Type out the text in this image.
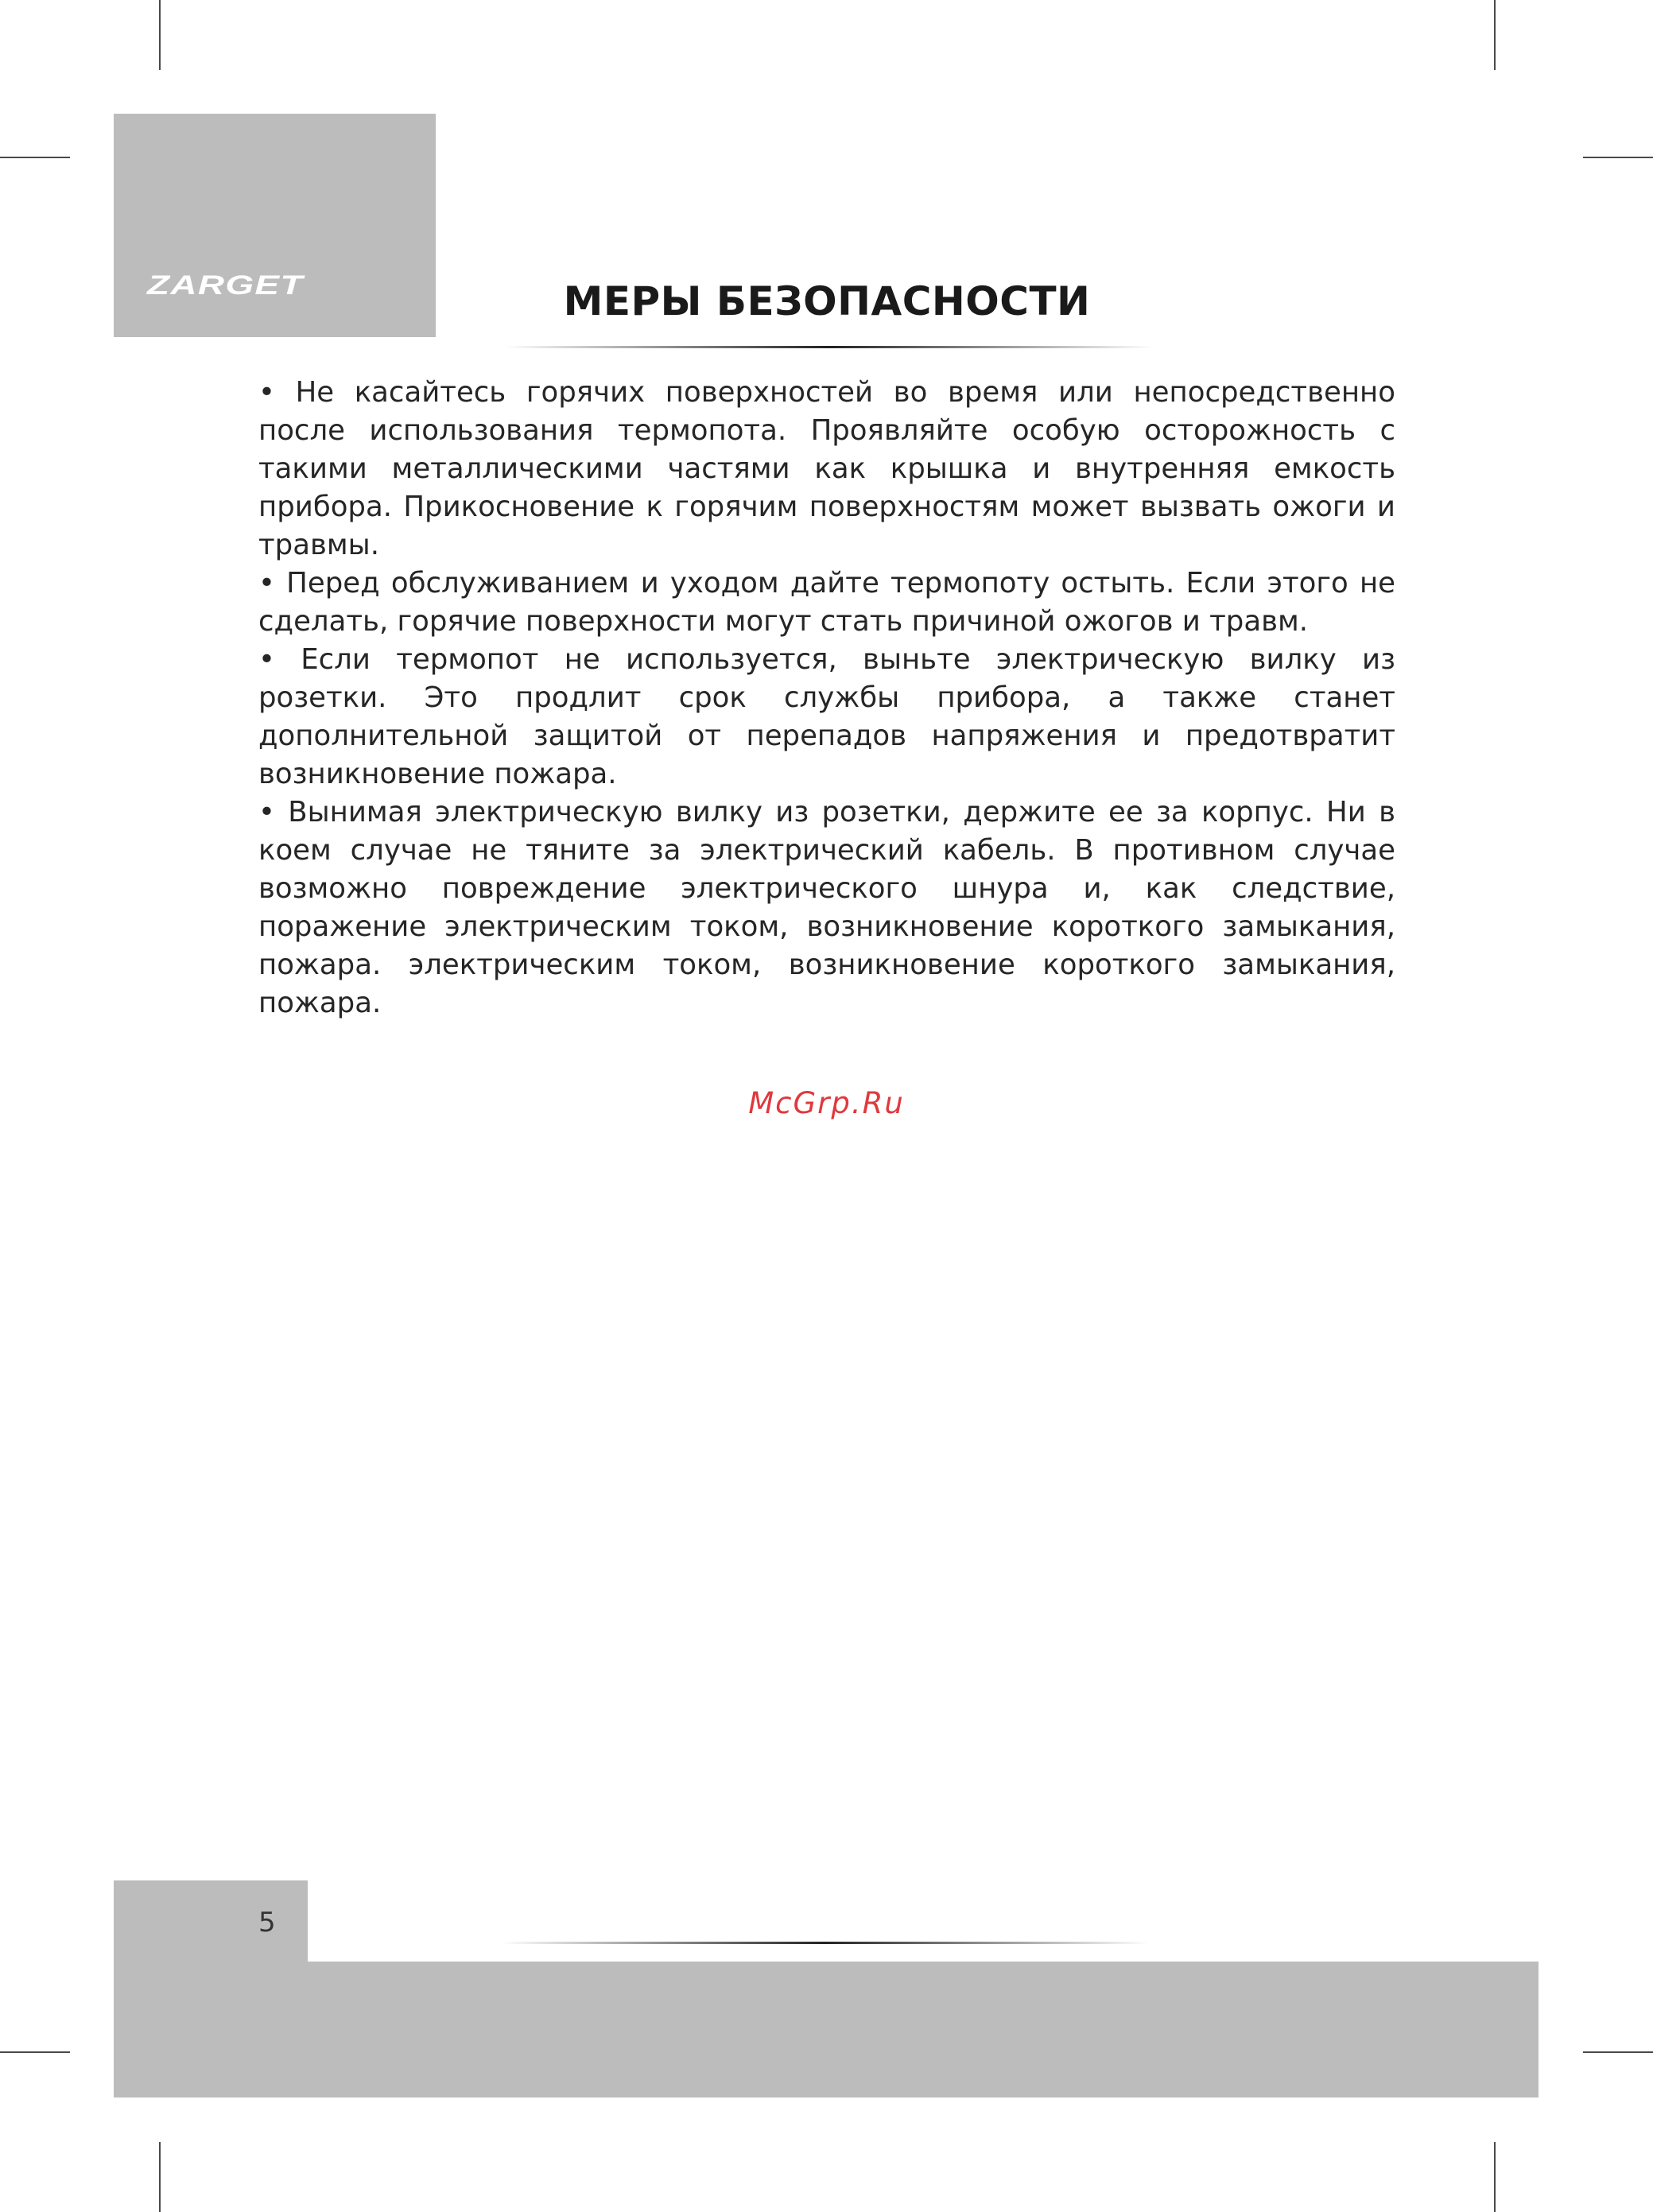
ZARGET	МЕРЫ БЕЗОПАСНОСТИ

• Не касайтесь горячих поверхностей во время или непосредственно после использования термопота. Проявляйте особую осторожность с такими металлическими частями как крышка и внутренняя емкость прибора. Прикосновение к горячим поверхностям может вызвать ожоги и травмы.

• Перед обслуживанием и уходом дайте термопоту остыть. Если этого не сделать, горячие поверхности могут стать причиной ожогов и травм.

• Если термопот не используется, выньте электрическую вилку из розетки. Это продлит срок службы прибора, а также станет дополнительной защитой от перепадов напряжения и предотвратит возникновение пожара.

• Вынимая электрическую вилку из розетки, держите ее за корпус. Ни в коем случае не тяните за электрический кабель. В противном случае возможно повреждение электрического шнура и, как следствие, поражение электрическим током, возникновение короткого замыкания, пожара. электрическим током, возникновение короткого замыкания, пожара.

McGrp.Ru
5
